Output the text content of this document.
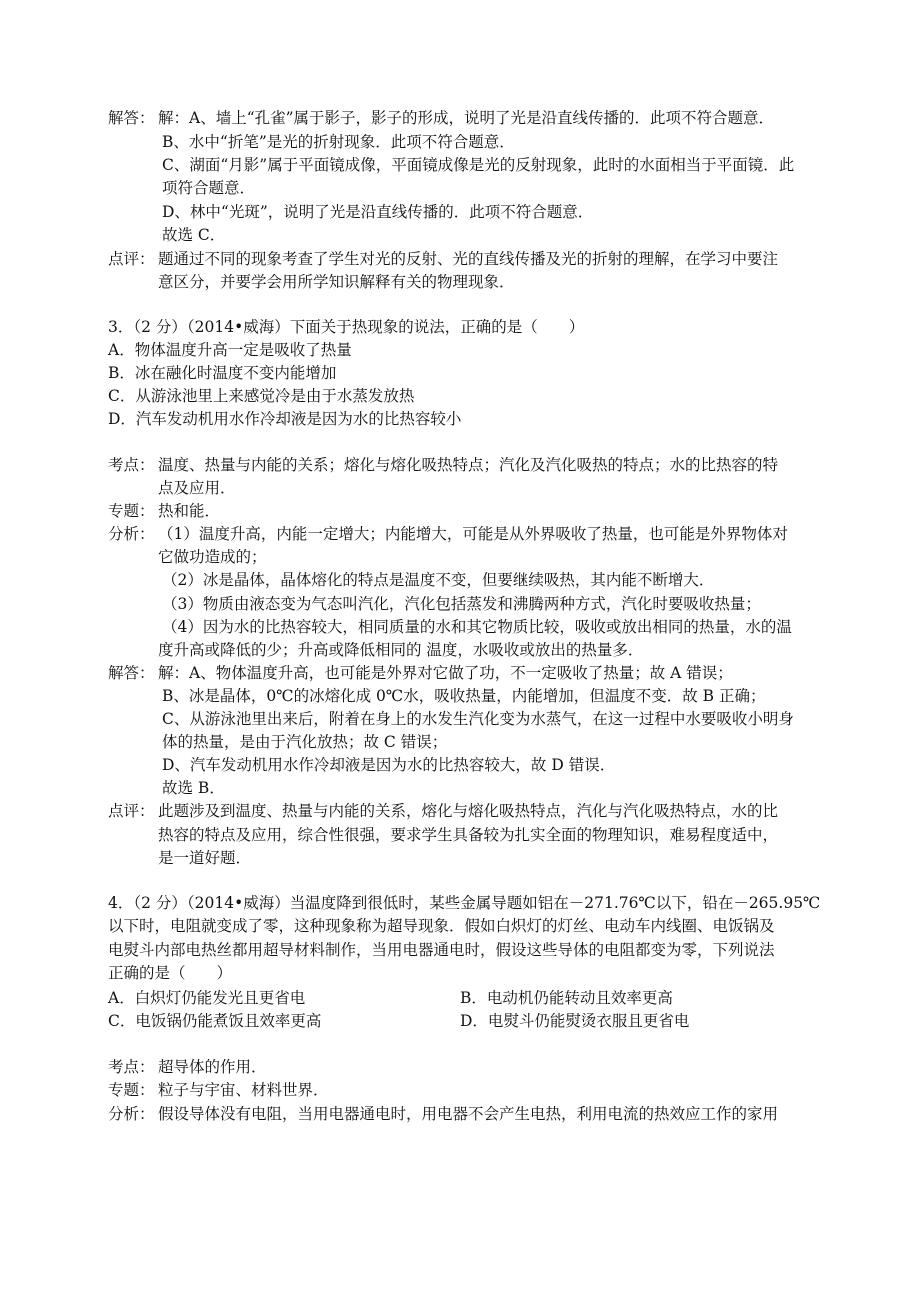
解答： 解：A、墙上“孔雀”属于影子，影子的形成，说明了光是沿直线传播的．此项不符合题意．

B、水中“折笔”是光的折射现象．此项不符合题意．

C、湖面“月影”属于平面镜成像，平面镜成像是光的反射现象，此时的水面相当于平面镜．此

项符合题意．

D、林中“光斑”，说明了光是沿直线传播的．此项不符合题意．

故选 C．

点评： 题通过不同的现象考查了学生对光的反射、光的直线传播及光的折射的理解，在学习中要注

意区分，并要学会用所学知识解释有关的物理现象．

3．（2 分）（2014•威海）下面关于热现象的说法，正确的是（　　）

A．物体温度升高一定是吸收了热量

B．冰在融化时温度不变内能增加

C．从游泳池里上来感觉冷是由于水蒸发放热

D．汽车发动机用水作冷却液是因为水的比热容较小

考点： 温度、热量与内能的关系；熔化与熔化吸热特点；汽化及汽化吸热的特点；水的比热容的特

点及应用．

专题： 热和能．

分析： （1）温度升高，内能一定增大；内能增大，可能是从外界吸收了热量，也可能是外界物体对

它做功造成的；

（2）冰是晶体，晶体熔化的特点是温度不变，但要继续吸热，其内能不断增大．

（3）物质由液态变为气态叫汽化，汽化包括蒸发和沸腾两种方式，汽化时要吸收热量；

（4）因为水的比热容较大，相同质量的水和其它物质比较，吸收或放出相同的热量，水的温

度升高或降低的少；升高或降低相同的 温度，水吸收或放出的热量多．

解答： 解：A、物体温度升高，也可能是外界对它做了功，不一定吸收了热量；故 A 错误；

B、冰是晶体，0℃的冰熔化成 0℃水，吸收热量，内能增加，但温度不变．故 B 正确；

C、从游泳池里出来后，附着在身上的水发生汽化变为水蒸气，在这一过程中水要吸收小明身

体的热量，是由于汽化放热；故 C 错误；

D、汽车发动机用水作冷却液是因为水的比热容较大，故 D 错误．

故选 B．

点评： 此题涉及到温度、热量与内能的关系，熔化与熔化吸热特点，汽化与汽化吸热特点，水的比

热容的特点及应用，综合性很强，要求学生具备较为扎实全面的物理知识，难易程度适中，

是一道好题．

4．（2 分）（2014•威海）当温度降到很低时，某些金属导题如铝在－271.76℃以下，铅在－265.95℃

以下时，电阻就变成了零，这种现象称为超导现象．假如白炽灯的灯丝、电动车内线圈、电饭锅及

电熨斗内部电热丝都用超导材料制作，当用电器通电时，假设这些导体的电阻都变为零，下列说法

正确的是（　　）

A．白炽灯仍能发光且更省电	B．电动机仍能转动且效率更高

C．电饭锅仍能煮饭且效率更高	D．电熨斗仍能熨烫衣服且更省电

考点： 超导体的作用．

专题： 粒子与宇宙、材料世界．

分析： 假设导体没有电阻，当用电器通电时，用电器不会产生电热，利用电流的热效应工作的家用
